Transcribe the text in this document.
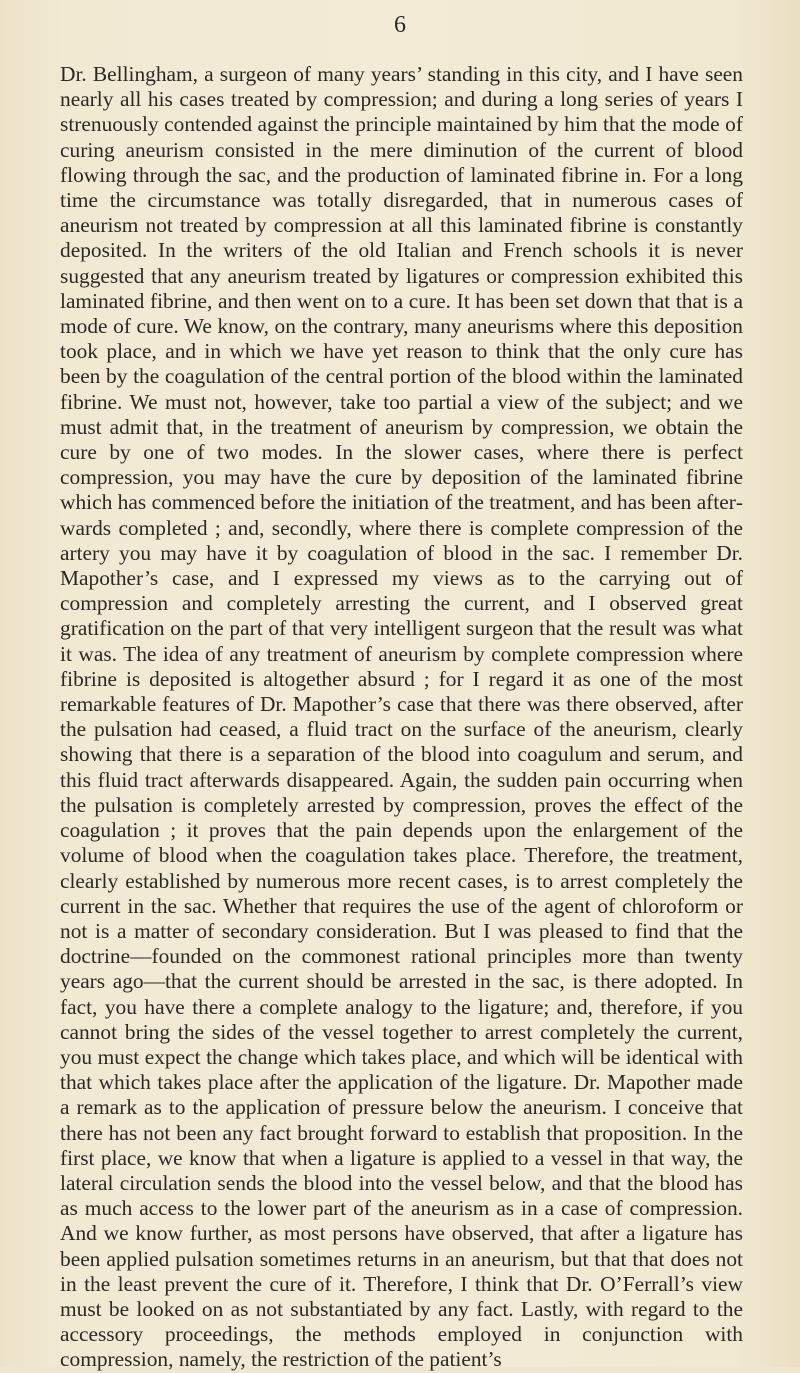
6

Dr. Bellingham, a surgeon of many years’ standing in this city, and I have seen nearly all his cases treated by compression; and during a long series of years I strenuously contended against the principle maintained by him that the mode of curing aneurism consisted in the mere diminution of the current of blood flowing through the sac, and the production of laminated fibrine in. For a long time the circumstance was totally disregarded, that in numerous cases of aneurism not treated by compression at all this laminated fibrine is constantly deposited. In the writers of the old Italian and French schools it is never suggested that any aneurism treated by ligatures or compression exhibited this laminated fibrine, and then went on to a cure. It has been set down that that is a mode of cure. We know, on the contrary, many aneurisms where this deposition took place, and in which we have yet reason to think that the only cure has been by the coagulation of the central portion of the blood within the laminated fibrine. We must not, however, take too partial a view of the subject; and we must admit that, in the treatment of aneurism by compression, we obtain the cure by one of two modes. In the slower cases, where there is perfect compression, you may have the cure by deposition of the laminated fibrine which has commenced before the initiation of the treatment, and has been afterwards completed ; and, secondly, where there is complete compression of the artery you may have it by coagulation of blood in the sac. I remember Dr. Mapother’s case, and I expressed my views as to the carrying out of compression and completely arresting the current, and I observed great gratification on the part of that very intelligent surgeon that the result was what it was. The idea of any treatment of aneurism by complete compression where fibrine is deposited is altogether absurd ; for I regard it as one of the most remarkable features of Dr. Mapother’s case that there was there observed, after the pulsation had ceased, a fluid tract on the surface of the aneurism, clearly showing that there is a separation of the blood into coagulum and serum, and this fluid tract afterwards disappeared. Again, the sudden pain occurring when the pulsation is completely arrested by compression, proves the effect of the coagulation ; it proves that the pain depends upon the enlargement of the volume of blood when the coagulation takes place. Therefore, the treatment, clearly established by numerous more recent cases, is to arrest completely the current in the sac. Whether that requires the use of the agent of chloroform or not is a matter of secondary consideration. But I was pleased to find that the doctrine—founded on the commonest rational principles more than twenty years ago—that the current should be arrested in the sac, is there adopted. In fact, you have there a complete analogy to the ligature; and, therefore, if you cannot bring the sides of the vessel together to arrest completely the current, you must expect the change which takes place, and which will be identical with that which takes place after the application of the ligature. Dr. Mapother made a remark as to the application of pressure below the aneurism. I conceive that there has not been any fact brought forward to establish that proposition. In the first place, we know that when a ligature is applied to a vessel in that way, the lateral circulation sends the blood into the vessel below, and that the blood has as much access to the lower part of the aneurism as in a case of compression. And we know further, as most persons have observed, that after a ligature has been applied pulsation sometimes returns in an aneurism, but that that does not in the least prevent the cure of it. Therefore, I think that Dr. O’Ferrall’s view must be looked on as not substantiated by any fact. Lastly, with regard to the accessory proceedings, the methods employed in conjunction with compression, namely, the restriction of the patient’s
